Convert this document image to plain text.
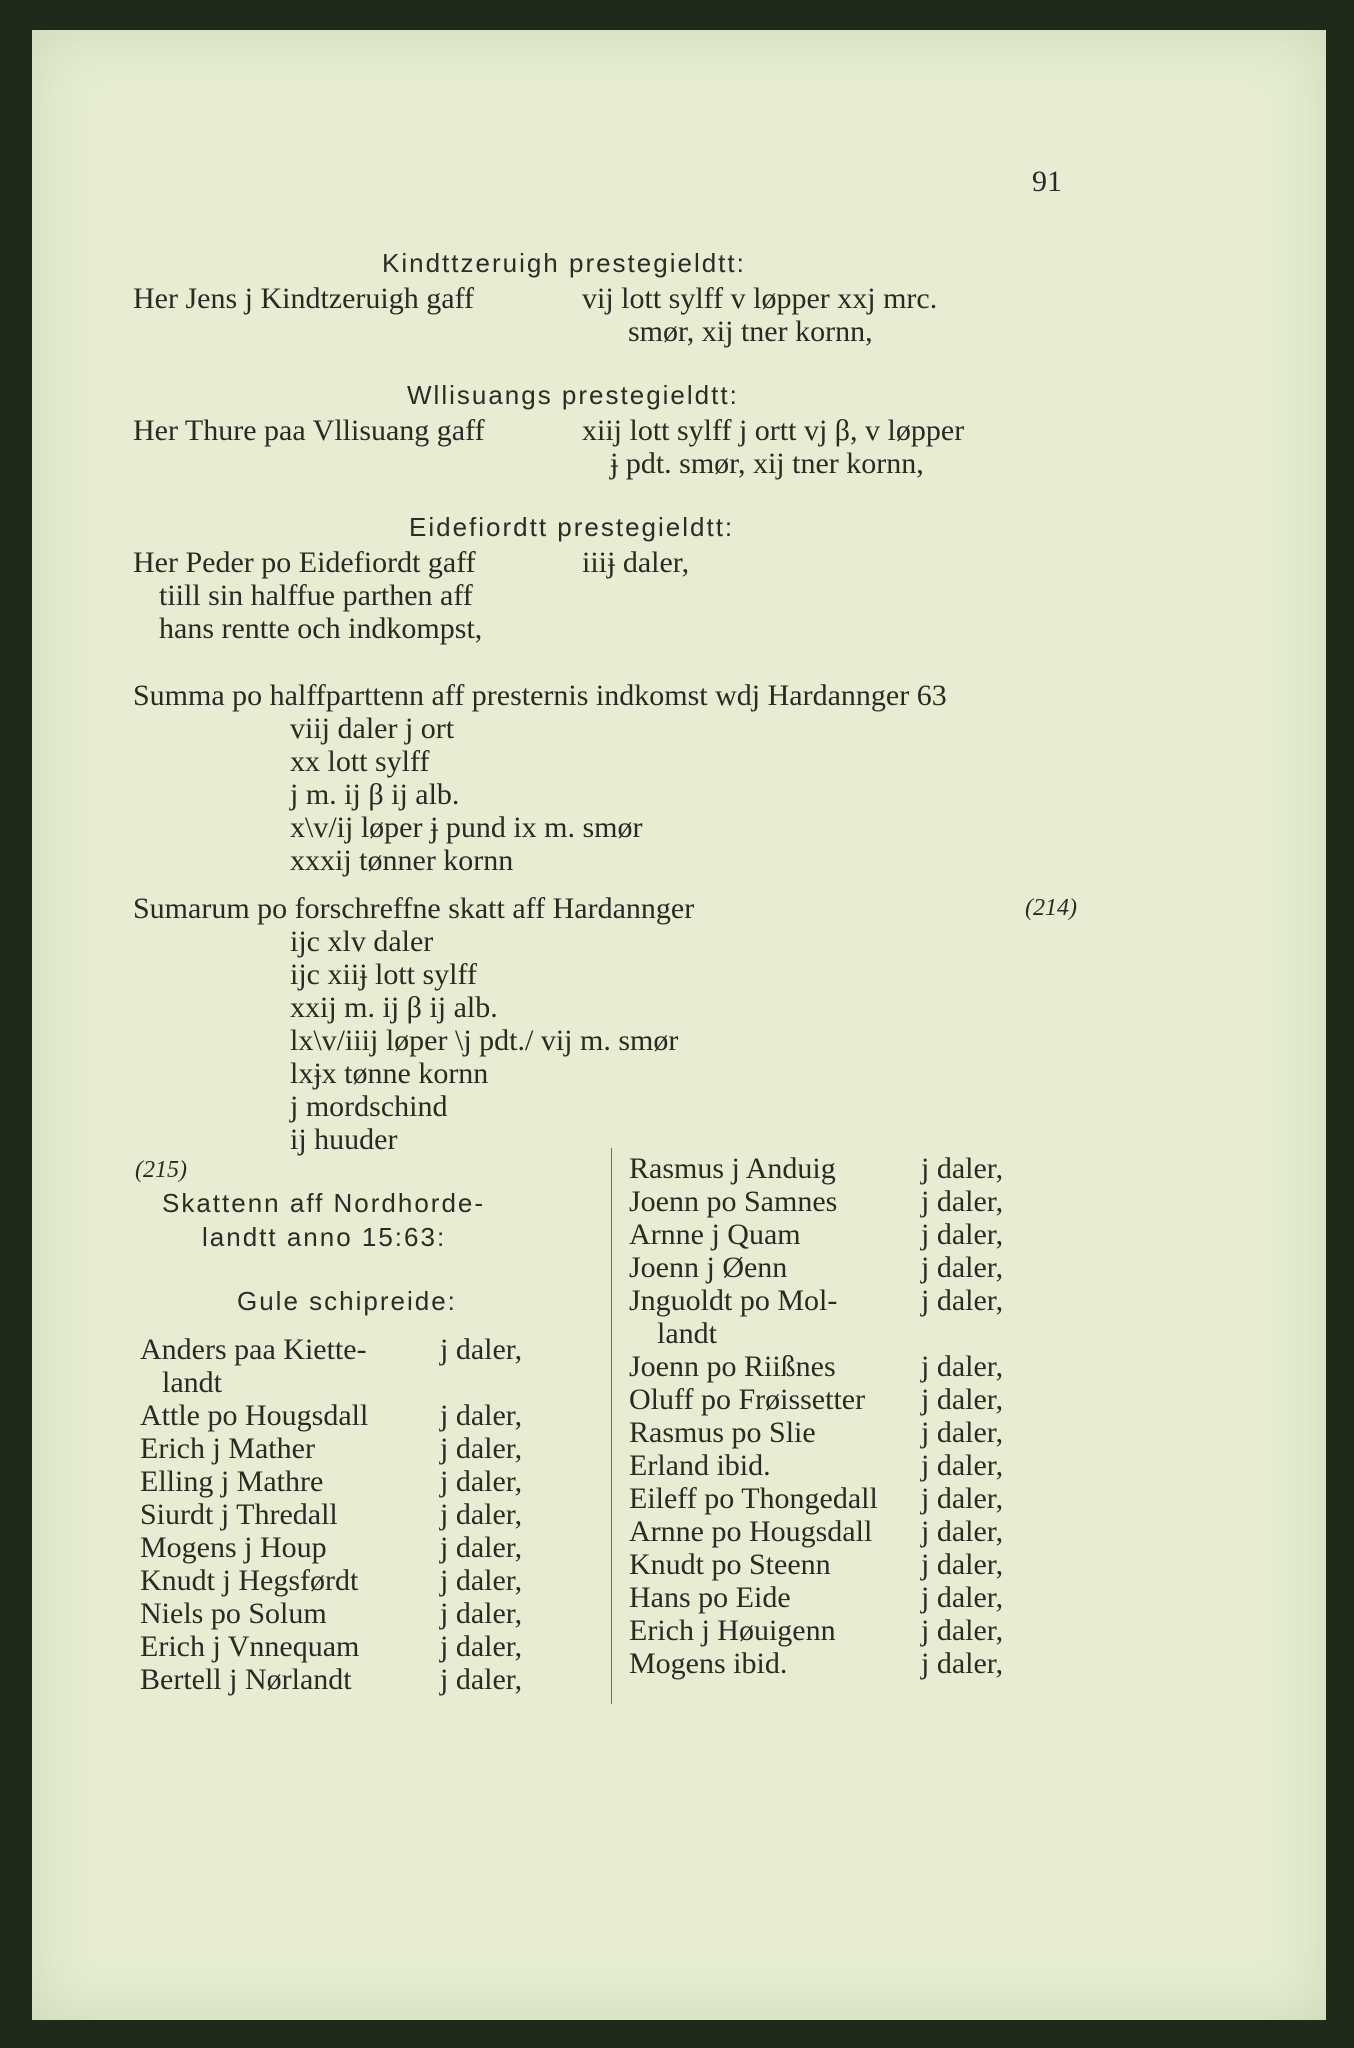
91
Kindttzeruigh prestegieldtt:
Her Jens j Kindtzeruigh gaff	vij lott sylff v løpper xxj mrc.
smør, xij tner kornn,
Wllisuangs prestegieldtt:
Her Thure paa Vllisuang gaff	xiij lott sylff j ortt vj β, v løpper
ɉ pdt. smør, xij tner kornn,
Eidefiordtt prestegieldtt:
Her Peder po Eidefiordt gaff	iiiɉ daler,
tiill sin halffue parthen aff
hans rentte och indkompst,
Summa po halffparttenn aff presternis indkomst wdj Hardannger 63
viij daler j ort
xx lott sylff
j m. ij β ij alb.
x\v/ij løper ɉ pund ix m. smør
xxxij tønner kornn
Sumarum po forschreffne skatt aff Hardannger	(214)
ijc xlv daler
ijc xiiɉ lott sylff
xxij m. ij β ij alb.
lx\v/iiij løper \j pdt./ vij m. smør
lxɉx tønne kornn
j mordschind
ij huuder
(215)
Skattenn aff Nordhorde-
landtt anno 15:63:
Gule schipreide:
Anders paa Kiette- j daler,
landt
Attle po Hougsdall j daler,
Erich j Mather	j daler,
Elling j Mathre	j daler,
Siurdt j Thredall	j daler,
Mogens j Houp	j daler,
Knudt j Hegsførdt	j daler,
Niels po Solum	j daler,
Erich j Vnnequam	j daler,
Bertell j Nørlandt	j daler,
Rasmus j Anduig	j daler,
Joenn po Samnes	j daler,
Arnne j Quam	j daler,
Joenn j Øenn	j daler,
Jnguoldt po Mol-	j daler,
landt
Joenn po Riißnes	j daler,
Oluff po Frøissetter j daler,
Rasmus po Slie	j daler,
Erland ibid.	j daler,
Eileff po Thongedall j daler,
Arnne po Hougsdall j daler,
Knudt po Steenn	j daler,
Hans po Eide	j daler,
Erich j Høuigenn	j daler,
Mogens ibid.	j daler,
